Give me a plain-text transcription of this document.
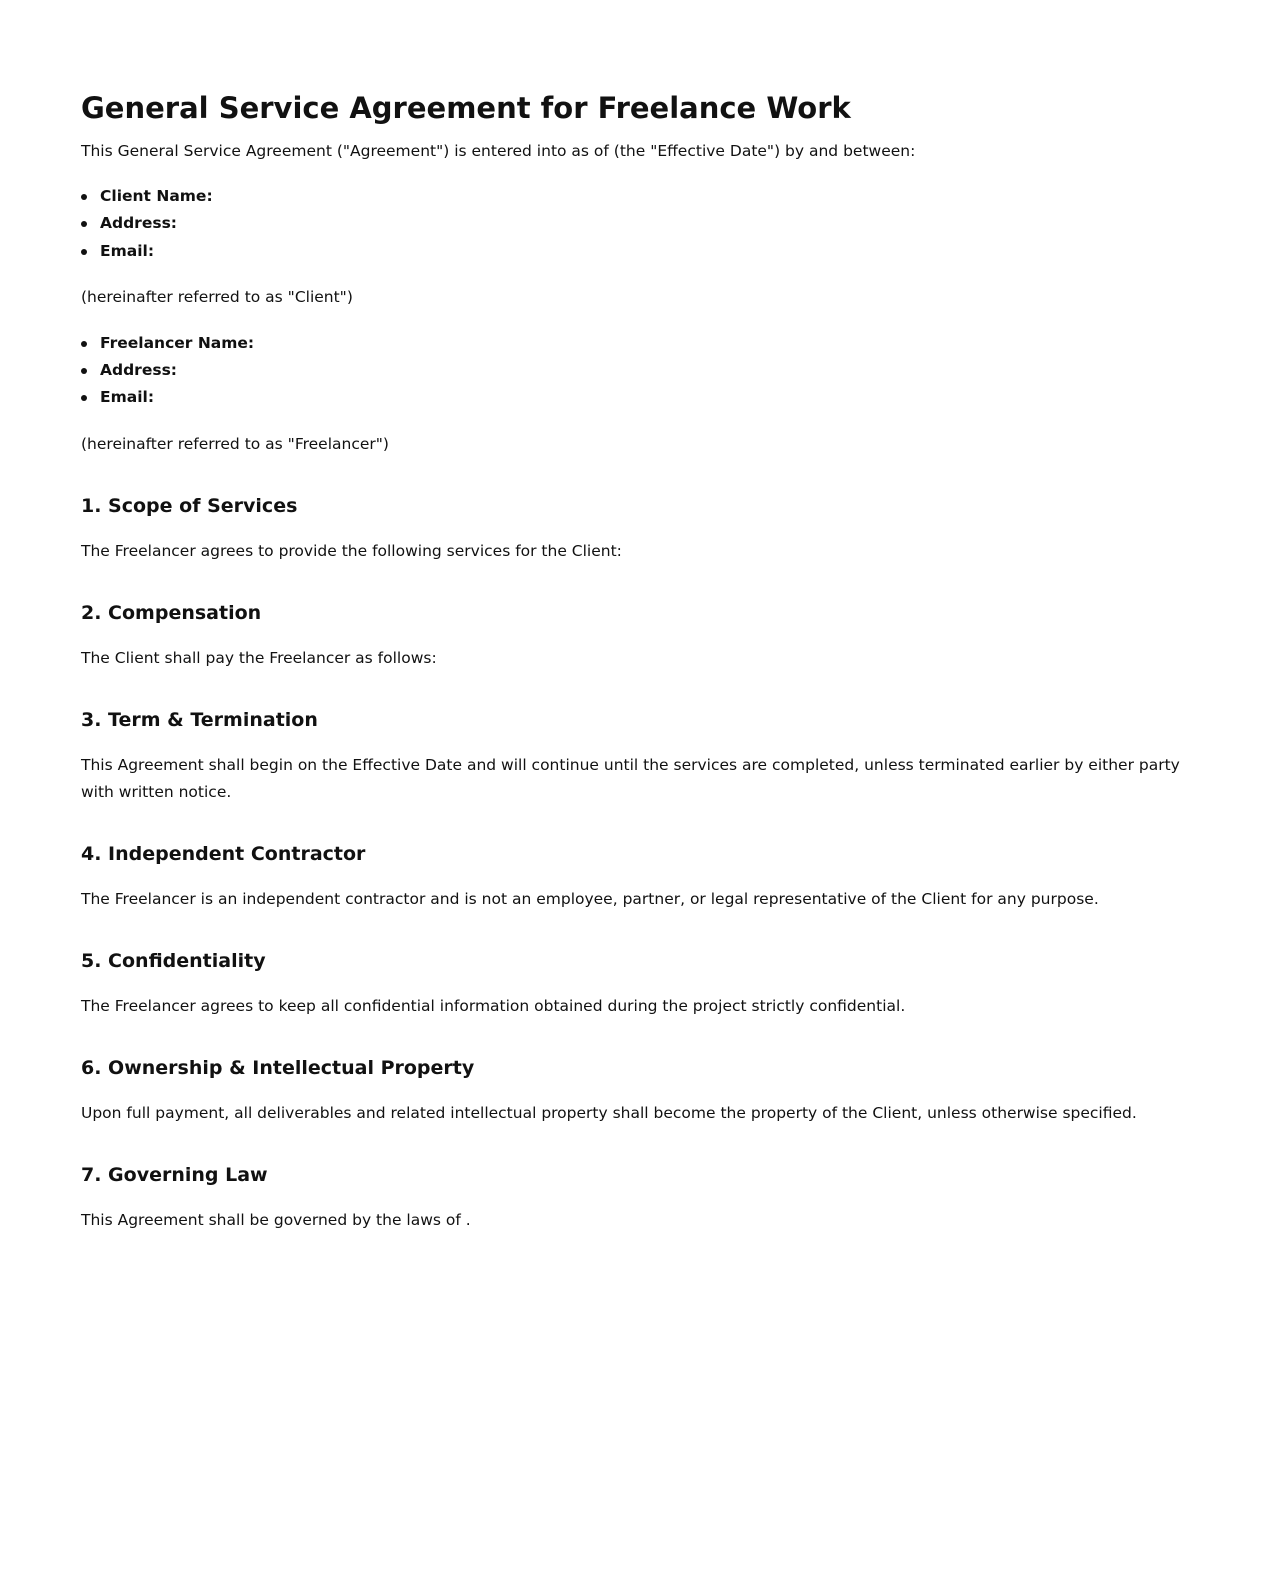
General Service Agreement for Freelance Work

This General Service Agreement ("Agreement") is entered into as of (the "Effective Date") by and between:

Client Name:
Address:
Email:

(hereinafter referred to as "Client")

Freelancer Name:
Address:
Email:

(hereinafter referred to as "Freelancer")

1. Scope of Services

The Freelancer agrees to provide the following services for the Client:

2. Compensation

The Client shall pay the Freelancer as follows:

3. Term & Termination

This Agreement shall begin on the Effective Date and will continue until the services are completed, unless terminated earlier by either party with written notice.

4. Independent Contractor

The Freelancer is an independent contractor and is not an employee, partner, or legal representative of the Client for any purpose.

5. Confidentiality

The Freelancer agrees to keep all confidential information obtained during the project strictly confidential.

6. Ownership & Intellectual Property

Upon full payment, all deliverables and related intellectual property shall become the property of the Client, unless otherwise specified.

7. Governing Law

This Agreement shall be governed by the laws of .
